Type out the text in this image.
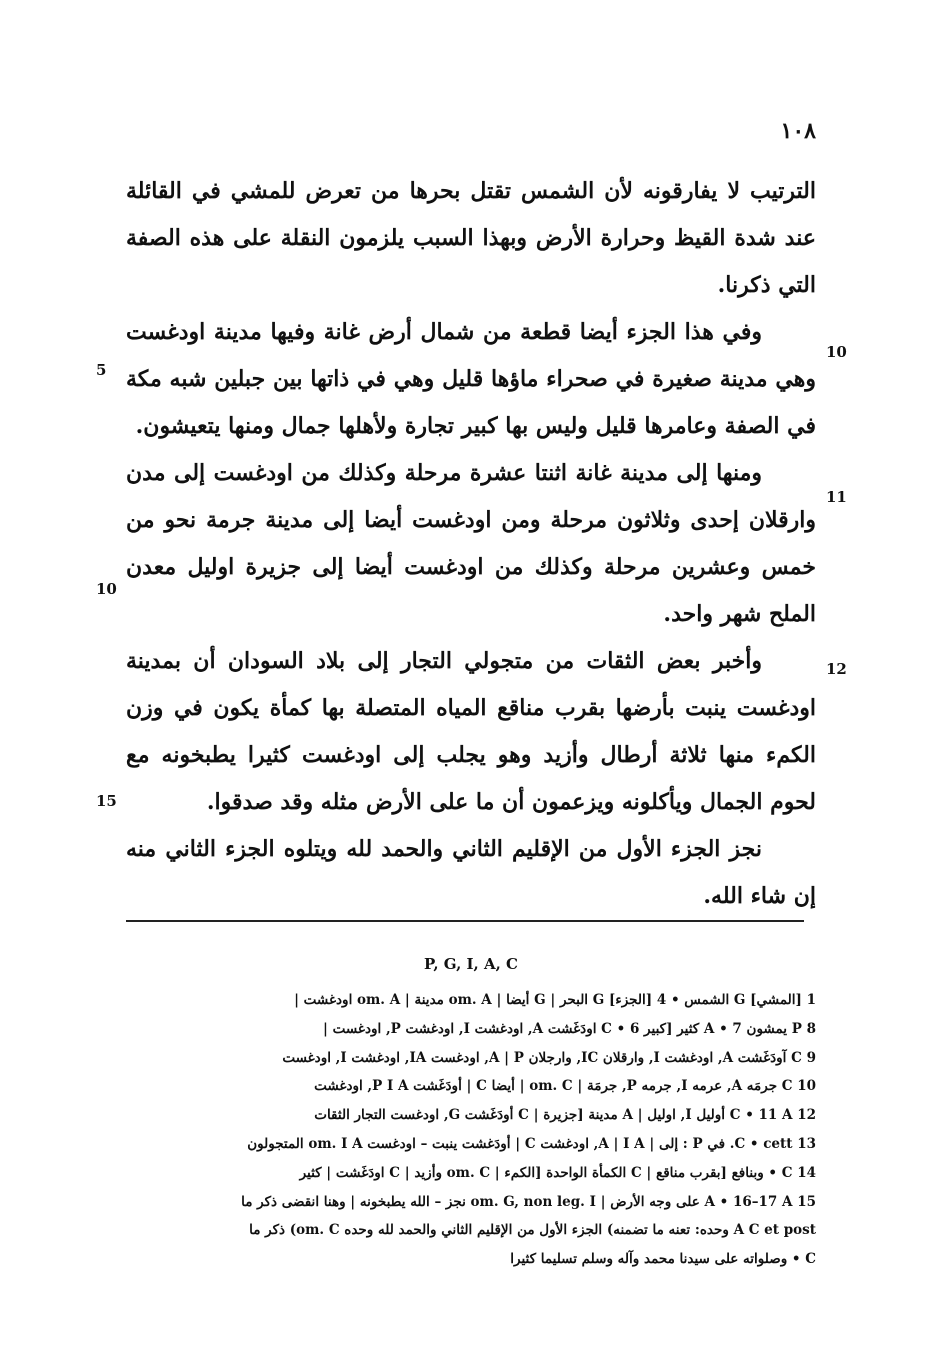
١٠٨

الترتيب لا يفارقونه لأن الشمس تقتل بحرها من تعرض للمشي في القائلة عند شدة القيظ وحرارة الأرض وبهذا السبب يلزمون النقلة على هذه الصفة التي ذكرنا.

وفي هذا الجزء أيضا قطعة من شمال أرض غانة وفيها مدينة اودغست وهي مدينة صغيرة في صحراء ماؤها قليل وهي في ذاتها بين جبلين شبه مكة في الصفة وعامرها قليل وليس بها كبير تجارة ولأهلها جمال ومنها يتعيشون.

ومنها إلى مدينة غانة اثنتا عشرة مرحلة وكذلك من اودغست إلى مدن وارقلان إحدى وثلاثون مرحلة ومن اودغست أيضا إلى مدينة جرمة نحو من خمس وعشرين مرحلة وكذلك من اودغست أيضا إلى جزيرة اوليل معدن الملح شهر واحد.

وأخبر بعض الثقات من متجولي التجار إلى بلاد السودان أن بمدينة اودغست ينبت بأرضها بقرب مناقع المياه المتصلة بها كمأة يكون في وزن الكمء منها ثلاثة أرطال وأزيد وهو يجلب إلى اودغست كثيرا يطبخونه مع لحوم الجمال ويأكلونه ويزعمون أن ما على الأرض مثله وقد صدقوا.

نجز الجزء الأول من الإقليم الثاني والحمد لله ويتلوه الجزء الثاني منه إن شاء الله.

10
11
12
5
10
15
P, G, I, A, C

1 [المشي] G الشمس • 4 [الجزء] G البحر | G أيضا | om. A مدينة | om. A اودغشت |

8 P يمشون 7 • A كثير [كبير 6 • C اودَغَشت A, اودغشت I, اودغشت P, اودغست |

9 C آودَغَشت A, اودغشت I, وارقلان IC, وارجلان A | P, اودغست IA, اودغشت I, اودغست

10 C جرمَه A, عرمه I, جرمه P, جرمَة | om. C | أيضا C | أودَغَشت P I A, اودغشت

12 C • 11 A أوليل I, اوليل | A مدينة [جزيرة | C أودَغَشت G, اودغست التجار الثقات

13 C • cett. في P : إلى | A | I A, اودغشت C | أودَغشت ينبت – اودغست om. I A المتجولون

14 C • وبنافع [بقرب مناقع | C الكمأة الواحدة [الكمء | om. C وأزيد | C اودَغَشت | كثير

15 A • 16–17 A على وجه الأرض | om. G, non leg. I نجز – الله يطبخونه | وهنا انقضى ذكر ما

A C et post وحده: تعنه ما تضمنه) الجزء الأول من الإقليم الثاني والحمد لله وحده om. C) ذكر ما

C • وصلواته على سيدنا محمد وآله وسلم تسليما كثيرا
